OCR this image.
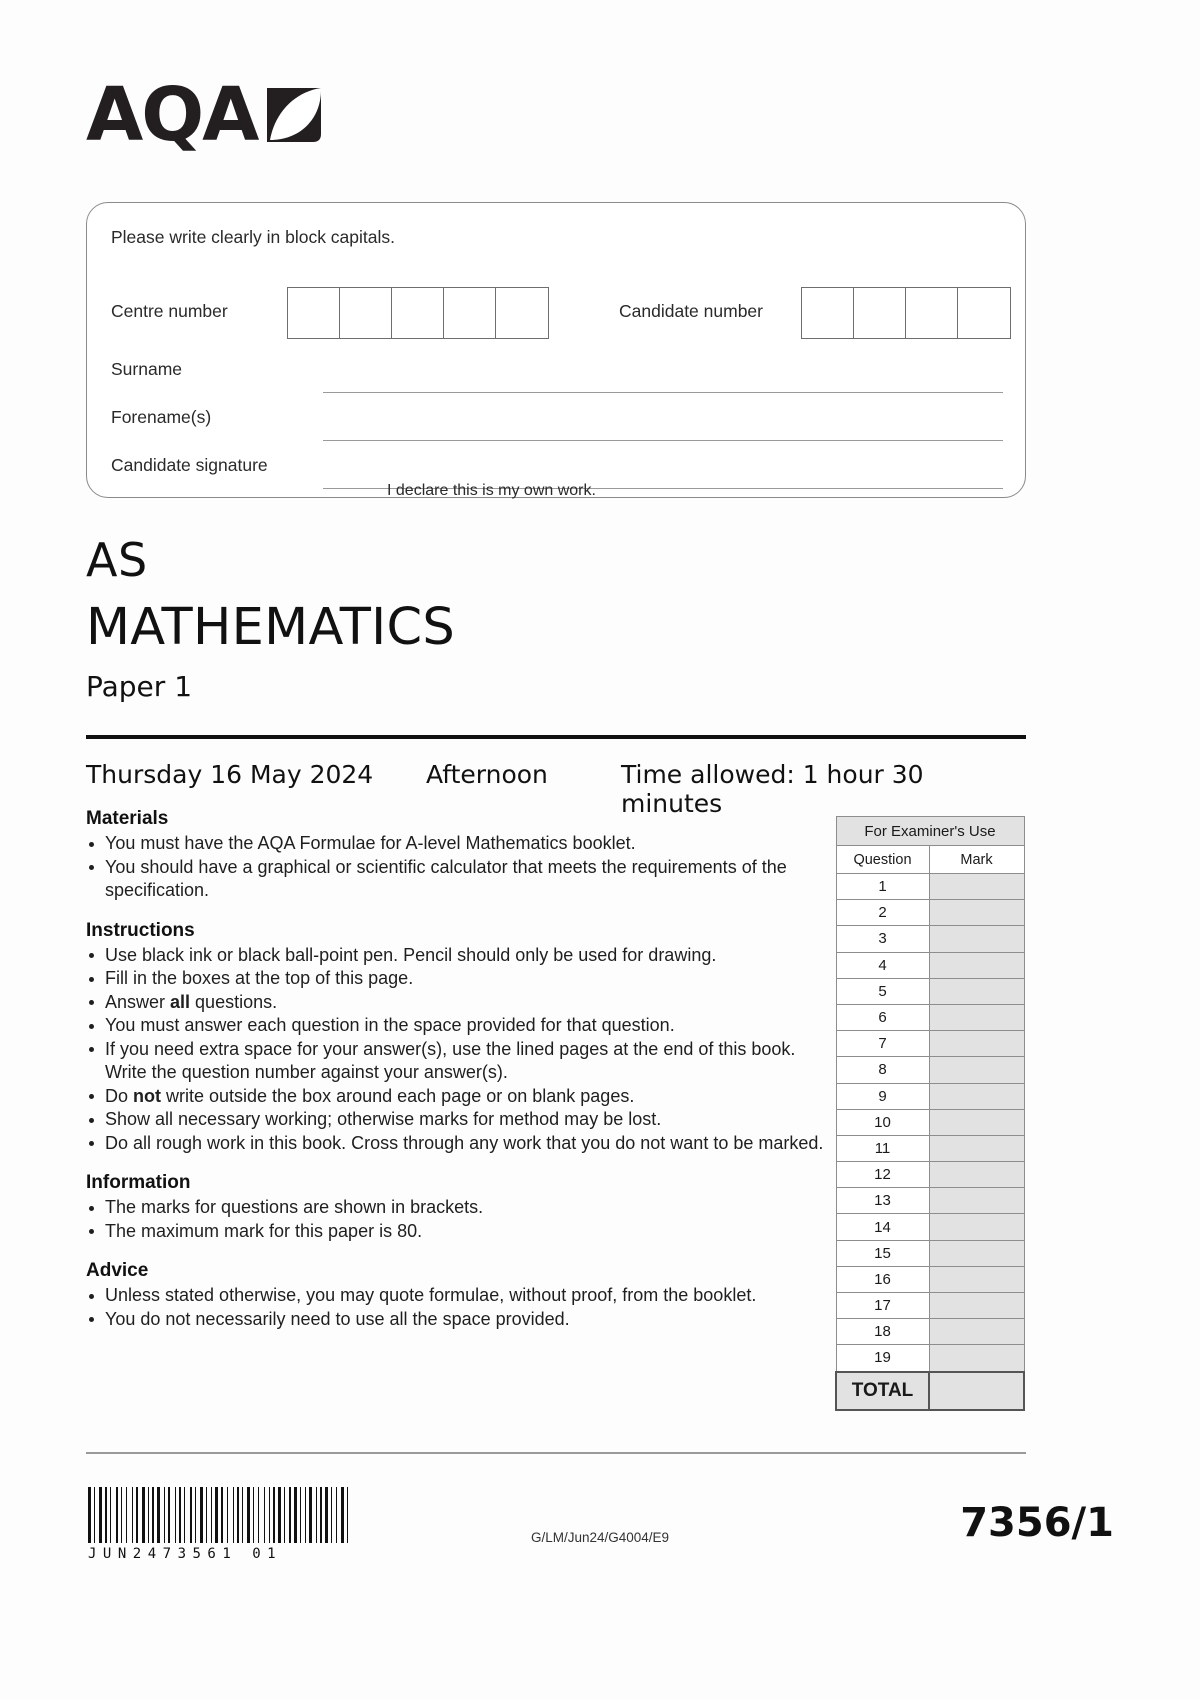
AQA
Please write clearly in block capitals.
Centre number	Candidate number
Surname
Forename(s)
Candidate signature
I declare this is my own work.
AS
MATHEMATICS
Paper 1
Thursday 16 May 2024 Afternoon	Time allowed: 1 hour 30 minutes
Materials
You must have the AQA Formulae for A-level Mathematics booklet.
You should have a graphical or scientific calculator that meets the requirements of the specification.
Instructions
Use black ink or black ball-point pen. Pencil should only be used for drawing.
Fill in the boxes at the top of this page.
Answer all questions.
You must answer each question in the space provided for that question.
If you need extra space for your answer(s), use the lined pages at the end of this book. Write the question number against your answer(s).
Do not write outside the box around each page or on blank pages.
Show all necessary working; otherwise marks for method may be lost.
Do all rough work in this book. Cross through any work that you do not want to be marked.
Information
The marks for questions are shown in brackets.
The maximum mark for this paper is 80.
Advice
Unless stated otherwise, you may quote formulae, without proof, from the booklet.
You do not necessarily need to use all the space provided.
For Examiner's Use	
Question	Mark
1	
2	
3	
4	
5	
6	
7	
8	
9	
10	
11	
12	
13	
14	
15	
16	
17	
18	
19	
TOTAL	
JUN2473561 01
G/LM/Jun24/G4004/E9	7356/1
